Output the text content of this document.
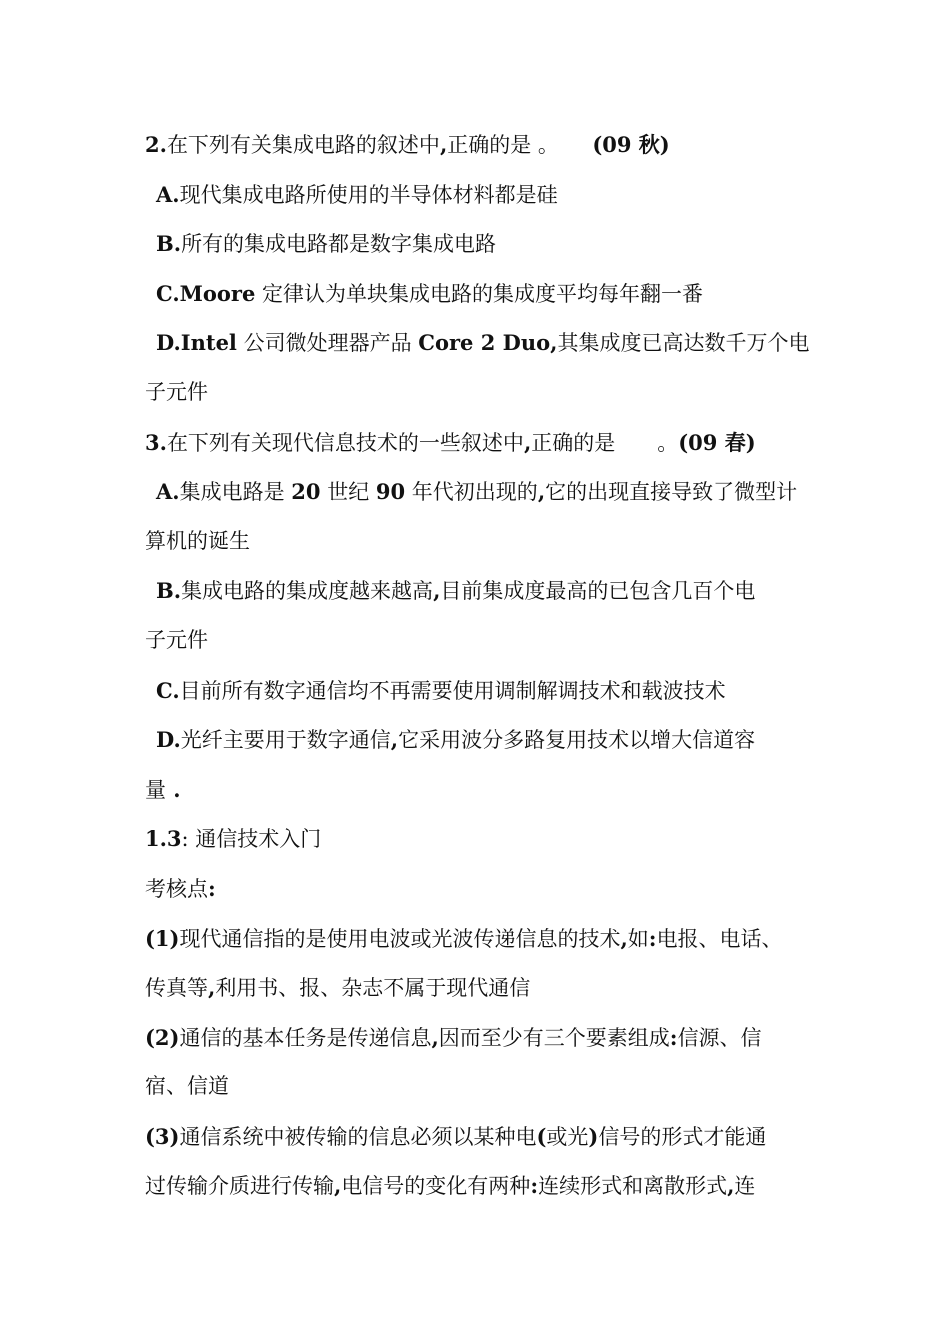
2.在下列有关集成电路的叙述中,正确的是 。 (09 秋)

A.现代集成电路所使用的半导体材料都是硅

B.所有的集成电路都是数字集成电路

C.Moore 定律认为单块集成电路的集成度平均每年翻一番

D.Intel 公司微处理器产品 Core 2 Duo,其集成度已高达数千万个电

子元件

3.在下列有关现代信息技术的一些叙述中,正确的是　　。(09 春)

A.集成电路是 20 世纪 90 年代初出现的,它的出现直接导致了微型计

算机的诞生

B.集成电路的集成度越来越高,目前集成度最高的已包含几百个电

子元件

C.目前所有数字通信均不再需要使用调制解调技术和载波技术

D.光纤主要用于数字通信,它采用波分多路复用技术以增大信道容

量 .

1.3: 通信技术入门

考核点:

(1)现代通信指的是使用电波或光波传递信息的技术,如:电报、电话、

传真等,利用书、报、杂志不属于现代通信

(2)通信的基本任务是传递信息,因而至少有三个要素组成:信源、信

宿、信道

(3)通信系统中被传输的信息必须以某种电(或光)信号的形式才能通

过传输介质进行传输,电信号的变化有两种:连续形式和离散形式,连
